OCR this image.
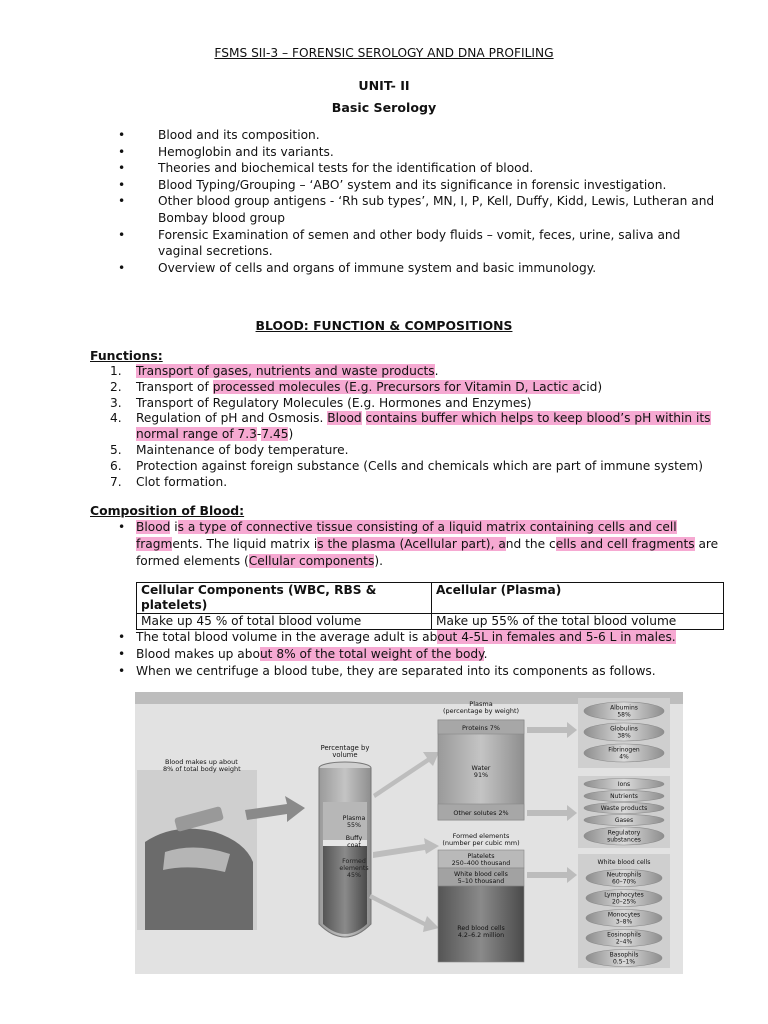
FSMS SII-3 – FORENSIC SEROLOGY AND DNA PROFILING
UNIT- II
Basic Serology
• Blood and its composition.
• Hemoglobin and its variants.
• Theories and biochemical tests for the identification of blood.
• Blood Typing/Grouping – ‘ABO’ system and its significance in forensic investigation.
• Other blood group antigens - ‘Rh sub types’, MN, I, P, Kell, Duffy, Kidd, Lewis, Lutheran and Bombay blood group
• Forensic Examination of semen and other body fluids – vomit, feces, urine, saliva and vaginal secretions.
• Overview of cells and organs of immune system and basic immunology.
BLOOD: FUNCTION & COMPOSITIONS
Functions:
1. Transport of gases, nutrients and waste products.
2. Transport of processed molecules (E.g. Precursors for Vitamin D, Lactic acid)
3. Transport of Regulatory Molecules (E.g. Hormones and Enzymes)
4. Regulation of pH and Osmosis. Blood contains buffer which helps to keep blood’s pH within its normal range of 7.3-7.45)
5. Maintenance of body temperature.
6. Protection against foreign substance (Cells and chemicals which are part of immune system)
7. Clot formation.
Composition of Blood:
• Blood is a type of connective tissue consisting of a liquid matrix containing cells and cell fragments. The liquid matrix is the plasma (Acellular part), and the cells and cell fragments are formed elements (Cellular components).
Cellular Components (WBC, RBS & platelets)	Acellular (Plasma)
Make up 45 % of total blood volume	Make up 55% of the total blood volume
• The total blood volume in the average adult is about 4-5L in females and 5-6 L in males.
• Blood makes up about 8% of the total weight of the body.
• When we centrifuge a blood tube, they are separated into its components as follows.
Blood makes up about 8% of total body weight
Percentage by volume
Plasma 55%
Buffy coat
Formed elements 45%
Plasma (percentage by weight)
Proteins 7%
Water 91%
Other solutes 2%
Formed elements (number per cubic mm)
Platelets 250–400 thousand
White blood cells 5–10 thousand
Red blood cells 4.2–6.2 million
Albumins 58%
Globulins 38%
Fibrinogen 4%
Ions
Nutrients
Waste products
Gases
Regulatory substances
White blood cells
Neutrophils 60–70%
Lymphocytes 20–25%
Monocytes 3–8%
Eosinophils 2–4%
Basophils 0.5–1%
